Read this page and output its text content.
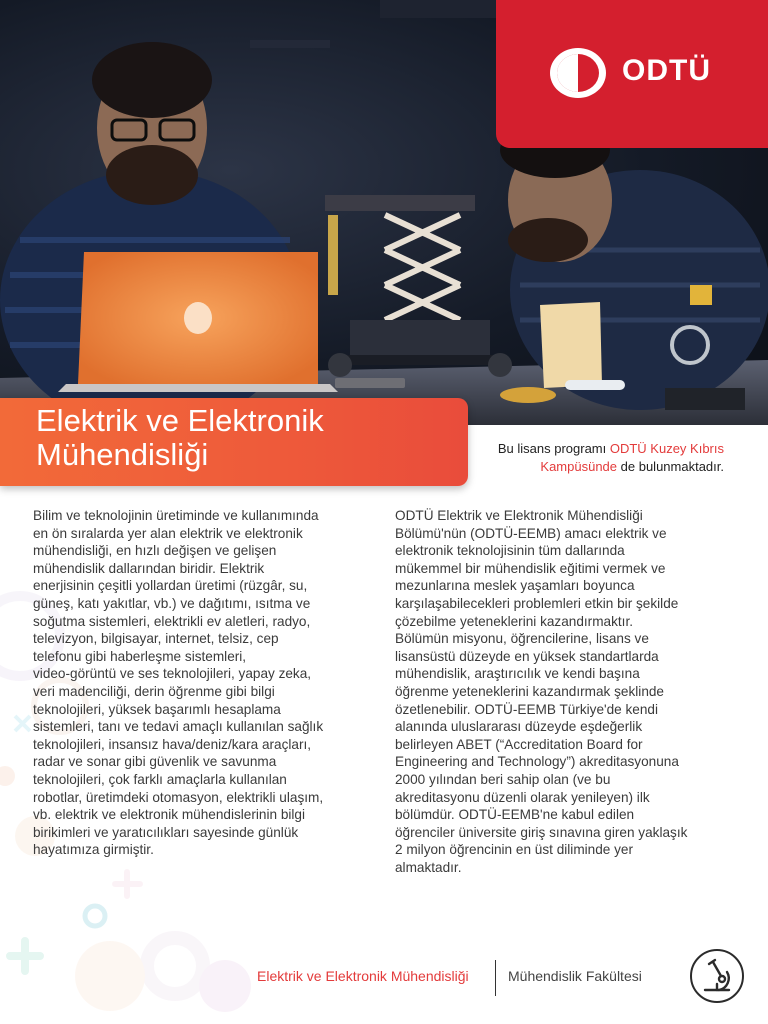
ODTÜ
Elektrik ve Elektronik
Mühendisliği	Bu lisans programı ODTÜ Kuzey Kıbrıs
Kampüsünde de bulunmaktadır.
Bilim ve teknolojinin üretiminde ve kullanımında
en ön sıralarda yer alan elektrik ve elektronik
mühendisliği, en hızlı değişen ve gelişen
mühendislik dallarından biridir. Elektrik
enerjisinin çeşitli yollardan üretimi (rüzgâr, su,
güneş, katı yakıtlar, vb.) ve dağıtımı, ısıtma ve
soğutma sistemleri, elektrikli ev aletleri, radyo,
televizyon, bilgisayar, internet, telsiz, cep
telefonu gibi haberleşme sistemleri,
video-görüntü ve ses teknolojileri, yapay zeka,
veri madenciliği, derin öğrenme gibi bilgi
teknolojileri, yüksek başarımlı hesaplama
sistemleri, tanı ve tedavi amaçlı kullanılan sağlık
teknolojileri, insansız hava/deniz/kara araçları,
radar ve sonar gibi güvenlik ve savunma
teknolojileri, çok farklı amaçlarla kullanılan
robotlar, üretimdeki otomasyon, elektrikli ulaşım,
vb. elektrik ve elektronik mühendislerinin bilgi
birikimleri ve yaratıcılıkları sayesinde günlük
hayatımıza girmiştir.
ODTÜ Elektrik ve Elektronik Mühendisliği
Bölümü'nün (ODTÜ-EEMB) amacı elektrik ve
elektronik teknolojisinin tüm dallarında
mükemmel bir mühendislik eğitimi vermek ve
mezunlarına meslek yaşamları boyunca
karşılaşabilecekleri problemleri etkin bir şekilde
çözebilme yeteneklerini kazandırmaktır.
Bölümün misyonu, öğrencilerine, lisans ve
lisansüstü düzeyde en yüksek standartlarda
mühendislik, araştırıcılık ve kendi başına
öğrenme yeteneklerini kazandırmak şeklinde
özetlenebilir. ODTÜ-EEMB Türkiye'de kendi
alanında uluslararası düzeyde eşdeğerlik
belirleyen ABET (“Accreditation Board for
Engineering and Technology”) akreditasyonuna
2000 yılından beri sahip olan (ve bu
akreditasyonu düzenli olarak yenileyen) ilk
bölümdür. ODTÜ-EEMB'ne kabul edilen
öğrenciler üniversite giriş sınavına giren yaklaşık
2 milyon öğrencinin en üst diliminde yer
almaktadır.
Elektrik ve Elektronik Mühendisliği	Mühendislik Fakültesi
